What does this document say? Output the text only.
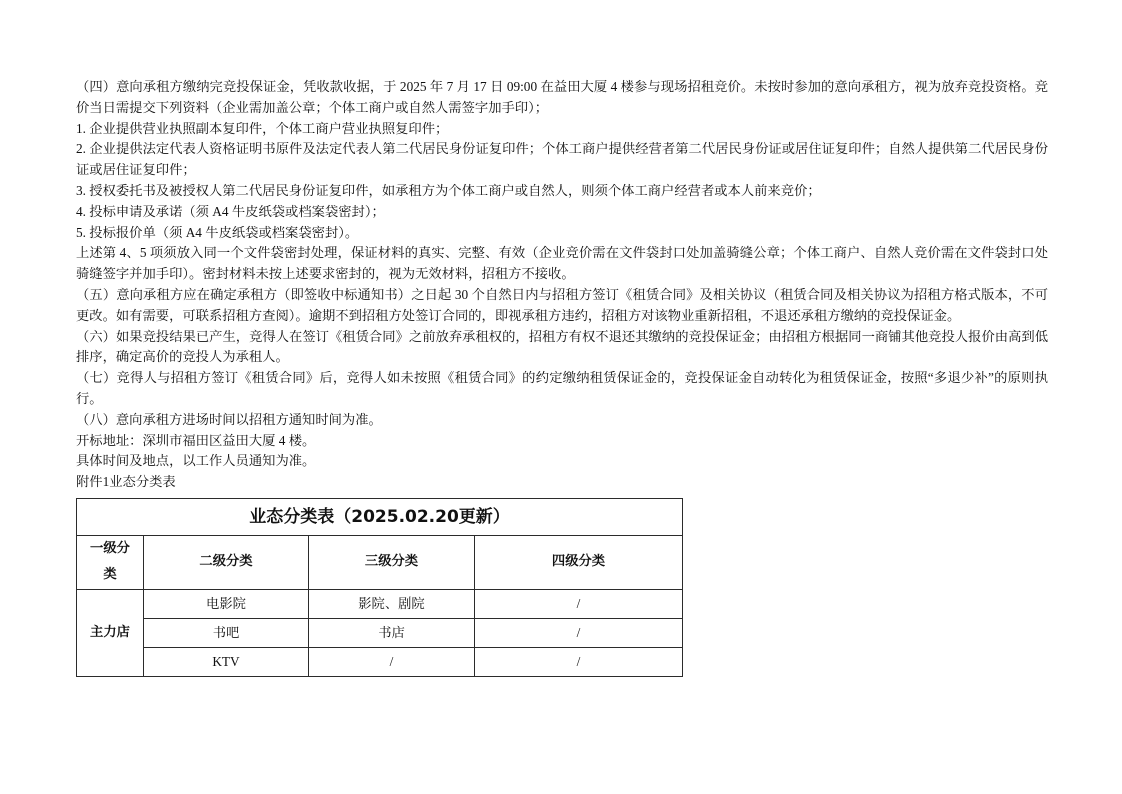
（四）意向承租方缴纳完竞投保证金，凭收款收据，于 2025 年 7 月 17 日 09:00 在益田大厦 4 楼参与现场招租竞价。未按时参加的意向承租方，视为放弃竞投资格。竞价当日需提交下列资料（企业需加盖公章；个体工商户或自然人需签字加手印）；

1. 企业提供营业执照副本复印件，个体工商户营业执照复印件；

2. 企业提供法定代表人资格证明书原件及法定代表人第二代居民身份证复印件；个体工商户提供经营者第二代居民身份证或居住证复印件；自然人提供第二代居民身份证或居住证复印件；

3. 授权委托书及被授权人第二代居民身份证复印件，如承租方为个体工商户或自然人，则须个体工商户经营者或本人前来竞价；

4. 投标申请及承诺（须 A4 牛皮纸袋或档案袋密封）；

5. 投标报价单（须 A4 牛皮纸袋或档案袋密封）。

上述第 4、5 项须放入同一个文件袋密封处理，保证材料的真实、完整、有效（企业竞价需在文件袋封口处加盖骑缝公章；个体工商户、自然人竞价需在文件袋封口处骑缝签字并加手印）。密封材料未按上述要求密封的，视为无效材料，招租方不接收。

（五）意向承租方应在确定承租方（即签收中标通知书）之日起 30 个自然日内与招租方签订《租赁合同》及相关协议（租赁合同及相关协议为招租方格式版本，不可更改。如有需要，可联系招租方查阅）。逾期不到招租方处签订合同的，即视承租方违约，招租方对该物业重新招租，不退还承租方缴纳的竞投保证金。

（六）如果竞投结果已产生，竞得人在签订《租赁合同》之前放弃承租权的，招租方有权不退还其缴纳的竞投保证金；由招租方根据同一商铺其他竞投人报价由高到低排序，确定高价的竞投人为承租人。

（七）竞得人与招租方签订《租赁合同》后，竞得人如未按照《租赁合同》的约定缴纳租赁保证金的，竞投保证金自动转化为租赁保证金，按照“多退少补”的原则执行。

（八）意向承租方进场时间以招租方通知时间为准。

开标地址：深圳市福田区益田大厦 4 楼。

具体时间及地点，以工作人员通知为准。

附件1业态分类表

业态分类表（2025.02.20更新）			
一级分类	二级分类	三级分类	四级分类
主力店	电影院	影院、剧院	/
	书吧	书店	/
	KTV	/	/
